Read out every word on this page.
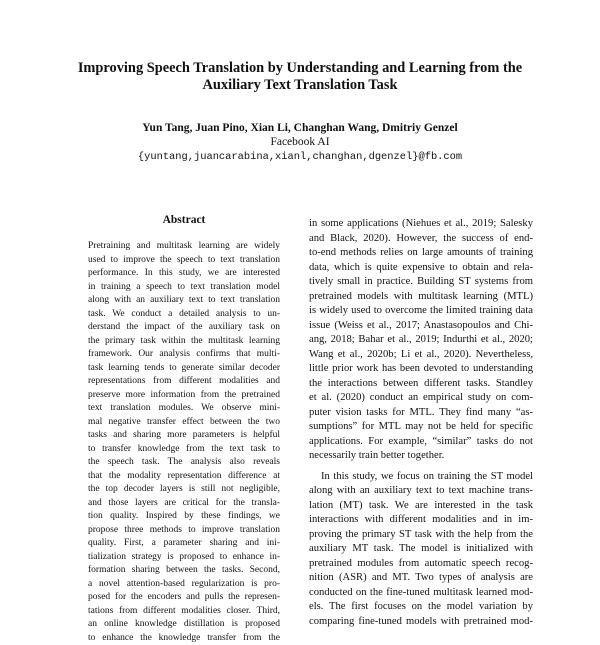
Improving Speech Translation by Understanding and Learning from the
Auxiliary Text Translation Task
Yun Tang, Juan Pino, Xian Li, Changhan Wang, Dmitriy Genzel
Facebook AI
{yuntang,juancarabina,xianl,changhan,dgenzel}@fb.com
Abstract
Pretraining and multitask learning are widely
used to improve the speech to text translation
performance. In this study, we are interested
in training a speech to text translation model
along with an auxiliary text to text translation
task. We conduct a detailed analysis to un-
derstand the impact of the auxiliary task on
the primary task within the multitask learning
framework. Our analysis confirms that multi-
task learning tends to generate similar decoder
representations from different modalities and
preserve more information from the pretrained
text translation modules. We observe mini-
mal negative transfer effect between the two
tasks and sharing more parameters is helpful
to transfer knowledge from the text task to
the speech task. The analysis also reveals
that the modality representation difference at
the top decoder layers is still not negligible,
and those layers are critical for the transla-
tion quality. Inspired by these findings, we
propose three methods to improve translation
quality. First, a parameter sharing and ini-
tialization strategy is proposed to enhance in-
formation sharing between the tasks. Second,
a novel attention-based regularization is pro-
posed for the encoders and pulls the represen-
tations from different modalities closer. Third,
an online knowledge distillation is proposed
to enhance the knowledge transfer from the
in some applications (Niehues et al., 2019; Salesky
and Black, 2020). However, the success of end-
to-end methods relies on large amounts of training
data, which is quite expensive to obtain and rela-
tively small in practice. Building ST systems from
pretrained models with multitask learning (MTL)
is widely used to overcome the limited training data
issue (Weiss et al., 2017; Anastasopoulos and Chi-
ang, 2018; Bahar et al., 2019; Indurthi et al., 2020;
Wang et al., 2020b; Li et al., 2020). Nevertheless,
little prior work has been devoted to understanding
the interactions between different tasks. Standley
et al. (2020) conduct an empirical study on com-
puter vision tasks for MTL. They find many “as-
sumptions” for MTL may not be held for specific
applications. For example, “similar” tasks do not
necessarily train better together.
In this study, we focus on training the ST model
along with an auxiliary text to text machine trans-
lation (MT) task. We are interested in the task
interactions with different modalities and in im-
proving the primary ST task with the help from the
auxiliary MT task. The model is initialized with
pretrained modules from automatic speech recog-
nition (ASR) and MT. Two types of analysis are
conducted on the fine-tuned multitask learned mod-
els. The first focuses on the model variation by
comparing fine-tuned models with pretrained mod-
